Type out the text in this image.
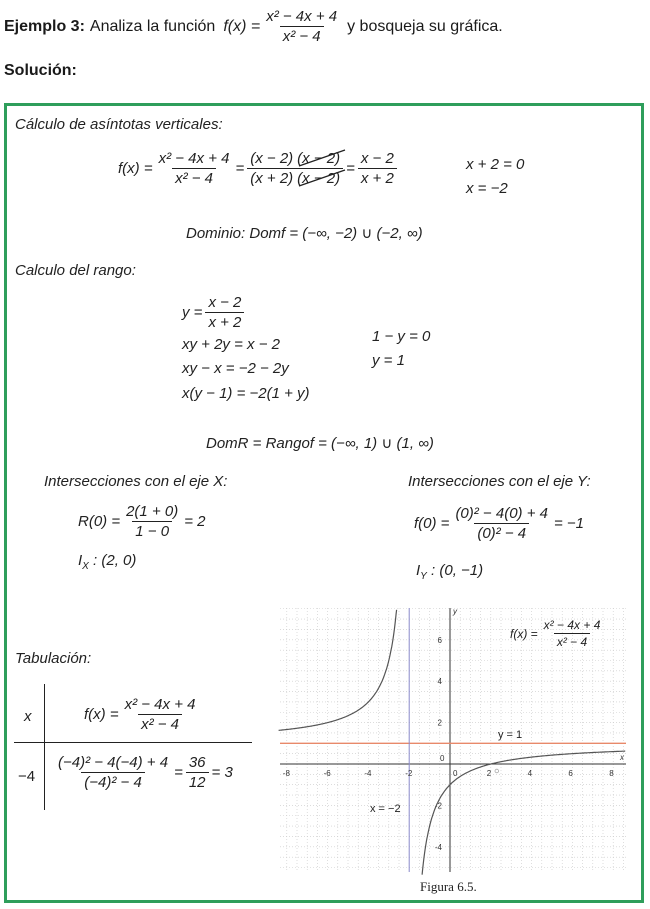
Ejemplo 3: Analiza la función $f(x) = \frac{\text{x² − 4x + 4}}{\text{x² − 4}}$ y bosqueja su gráfica.
Solución:
Cálculo de asíntotas verticales:
$f(x) = \frac{\text{x² − 4x + 4}}{\text{x² − 4}} = \frac{(x - 2) (x - 2)}{(x + 2) (x - 2)} = \frac{x - 2}{x + 2}$	x + 2 = 0
x = −2
Dominio: Domf = (−∞, −2) ∪ (−2, ∞)
Calculo del rango:
$y = \frac{x - 2}{x + 2}$
xy + 2y = x − 2
xy − x = −2 − 2y
x(y − 1) = −2(1 + y)
1 − y = 0
y = 1
DomR = Rangof = (−∞, 1) ∪ (1, ∞)
Intersecciones con el eje X:
$R(0) = \frac{2(1 + 0)}{1 - 0} = 2$
$I_X$ : (2, 0)
Intersecciones con el eje Y:
$f(0) = \frac{\text{(0)² − 4(0) + 4}}{\text{(0)² − 4}} = -1$
$I_Y$ : (0, −1)
Tabulación:
x	$f(x) = \frac{\text{x² − 4x + 4}}{\text{x² − 4}}$
$-4 \frac{\text{(−4)² − 4(−4) + 4}}{\text{(−4)² − 4}} = \frac{36}{12} = 3$	-8	-6	-4	-2	0	2	4	6	8
6
4
2
-2
-4
0	x
y
$f(x) = \frac{\text{x² − 4x + 4}}{\text{x² − 4}}$
y = 1
x = −2
Figura 6.5.
